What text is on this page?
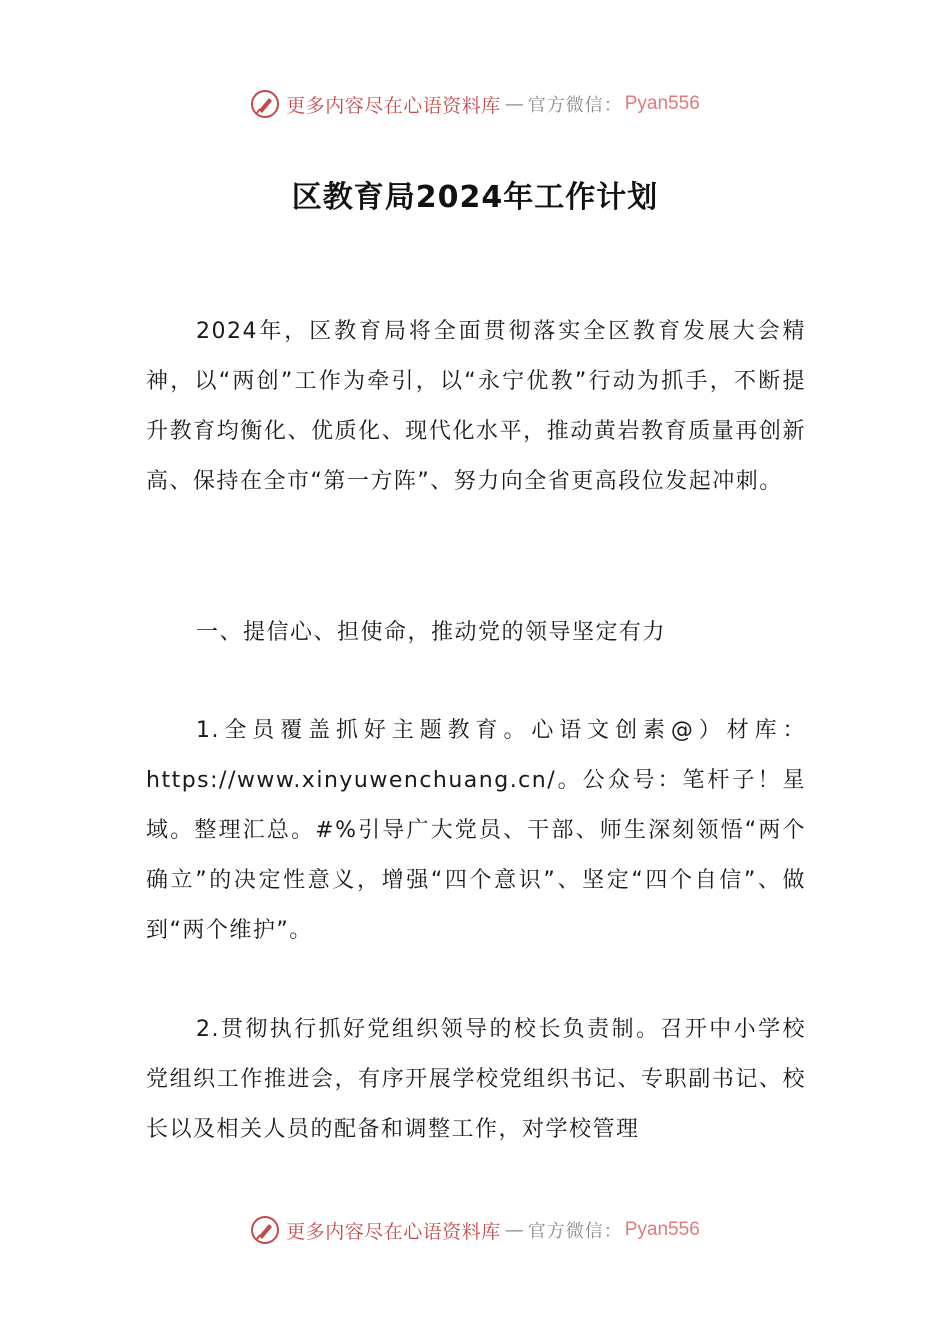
更多内容尽在心语资料库 — 官方微信： Pyan556
区教育局2024年工作计划

2024年，区教育局将全面贯彻落实全区教育发展大会精神，以“两创”工作为牵引，以“永宁优教”行动为抓手，不断提升教育均衡化、优质化、现代化水平，推动黄岩教育质量再创新高、保持在全市“第一方阵”、努力向全省更高段位发起冲刺。

一、提信心、担使命，推动党的领导坚定有力

1.全员覆盖抓好主题教育。心语文创素@）材库：https://www.xinyuwenchuang.cn/。公众号：笔杆子！星域。整理汇总。#%引导广大党员、干部、师生深刻领悟“两个确立”的决定性意义，增强“四个意识”、坚定“四个自信”、做到“两个维护”。

2.贯彻执行抓好党组织领导的校长负责制。召开中小学校党组织工作推进会，有序开展学校党组织书记、专职副书记、校长以及相关人员的配备和调整工作，对学校管理

更多内容尽在心语资料库 — 官方微信： Pyan556
